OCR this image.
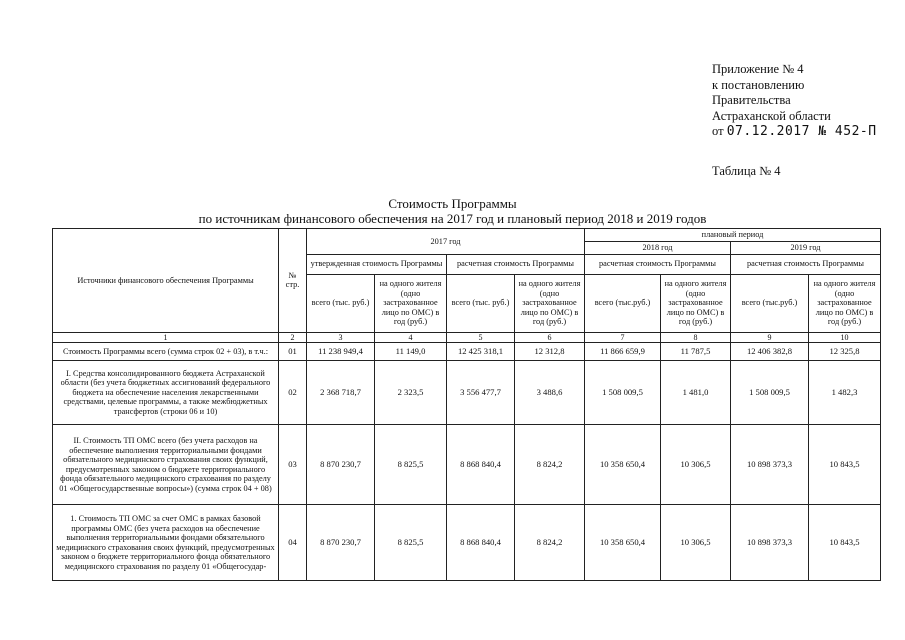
Приложение № 4
к постановлению
Правительства
Астраханской области
от 07.12.2017 № 452-П
Таблица № 4
Стоимость Программы
по источникам финансового обеспечения на 2017 год и плановый период 2018 и 2019 годов
Источники финансового обеспечения Программы	№ стр.	2017 год				плановый период			
						2018 год		2019 год	
		утвержденная стоимость Программы		расчетная стоимость Программы		расчетная стоимость Программы		расчетная стоимость Программы	
		всего (тыс. руб.)	на одного жителя (одно застрахованное лицо по ОМС) в год (руб.)	всего (тыс. руб.)	на одного жителя (одно застрахованное лицо по ОМС) в год (руб.)	всего (тыс.руб.)	на одного жителя (одно застрахованное лицо по ОМС) в год (руб.)	всего (тыс.руб.)	на одного жителя (одно застрахованное лицо по ОМС) в год (руб.)
1	2	3	4	5	6	7	8	9	10
Стоимость Программы всего (сумма строк 02 + 03), в т.ч.:	01	11 238 949,4	11 149,0	12 425 318,1	12 312,8	11 866 659,9	11 787,5	12 406 382,8	12 325,8
I. Средства консолидированного бюджета Астраханской области (без учета бюджетных ассигнований федерального бюджета на обеспечение населения лекарственными средствами, целевые программы, а также межбюджетных трансфертов (строки 06 и 10)	02	2 368 718,7	2 323,5	3 556 477,7	3 488,6	1 508 009,5	1 481,0	1 508 009,5	1 482,3
II. Стоимость ТП ОМС всего (без учета расходов на обеспечение выполнения территориальными фондами обязательного медицинского страхования своих функций, предусмотренных законом о бюджете территориального фонда обязательного медицинского страхования по разделу 01 «Общегосударственные вопросы») (сумма строк 04 + 08)	03	8 870 230,7	8 825,5	8 868 840,4	8 824,2	10 358 650,4	10 306,5	10 898 373,3	10 843,5
1. Стоимость ТП ОМС за счет ОМС в рамках базовой программы ОМС (без учета расходов на обеспечение выполнения территориальными фондами обязательного медицинского страхования своих функций, предусмотренных законом о бюджете территориального фонда обязательного медицинского страхования по разделу 01 «Общегосудар-	04	8 870 230,7	8 825,5	8 868 840,4	8 824,2	10 358 650,4	10 306,5	10 898 373,3	10 843,5
